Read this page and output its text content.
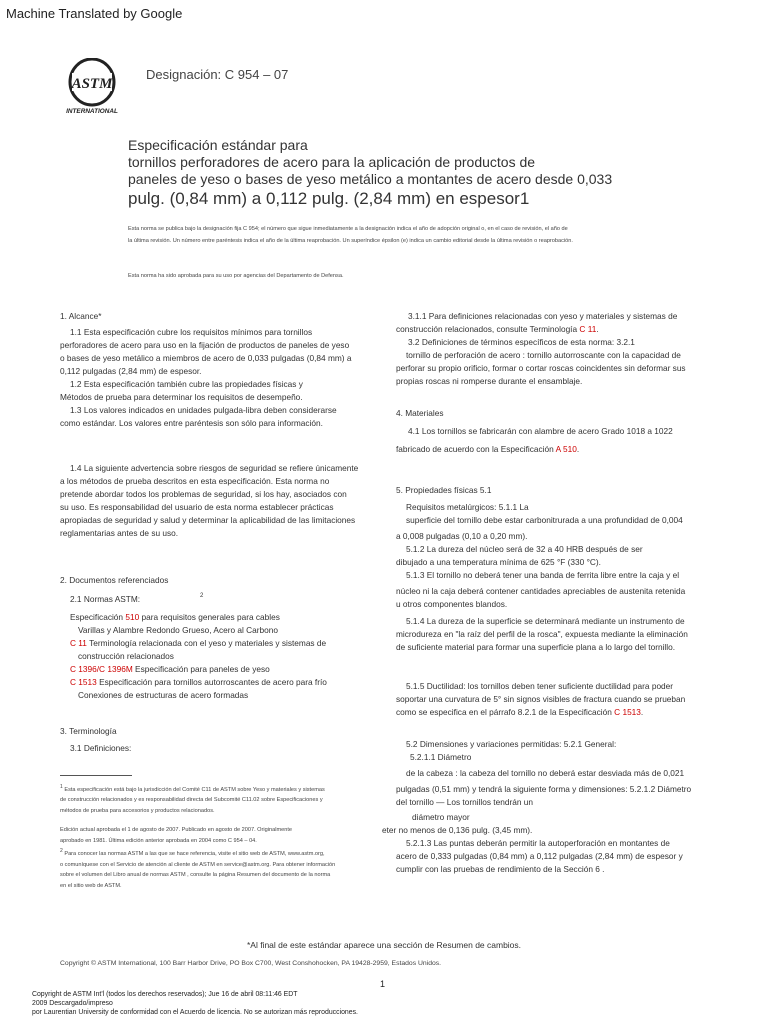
Machine Translated by Google
ASTM
INTERNATIONAL
Designación: C 954 – 07
Especificación estándar para
tornillos perforadores de acero para la aplicación de productos de
paneles de yeso o bases de yeso metálico a montantes de acero desde 0,033
pulg. (0,84 mm) a 0,112 pulg. (2,84 mm) en espesor1
Esta norma se publica bajo la designación fija C 954; el número que sigue inmediatamente a la designación indica el año de adopción original o, en el caso de revisión, el año de
la última revisión. Un número entre paréntesis indica el año de la última reaprobación. Un superíndice épsilon (e) indica un cambio editorial desde la última revisión o reaprobación.
Esta norma ha sido aprobada para su uso por agencias del Departamento de Defensa.
1. Alcance*

1.1 Esta especificación cubre los requisitos mínimos para tornillos

perforadores de acero para uso en la fijación de productos de paneles de yeso

o bases de yeso metálico a miembros de acero de 0,033 pulgadas (0,84 mm) a

0,112 pulgadas (2,84 mm) de espesor.

1.2 Esta especificación también cubre las propiedades físicas y

Métodos de prueba para determinar los requisitos de desempeño.

1.3 Los valores indicados en unidades pulgada-libra deben considerarse

como estándar. Los valores entre paréntesis son sólo para información.

1.4 La siguiente advertencia sobre riesgos de seguridad se refiere únicamente

a los métodos de prueba descritos en esta especificación. Esta norma no

pretende abordar todos los problemas de seguridad, si los hay, asociados con

su uso. Es responsabilidad del usuario de esta norma establecer prácticas

apropiadas de seguridad y salud y determinar la aplicabilidad de las limitaciones

reglamentarias antes de su uso.

2. Documentos referenciados
2.1 Normas ASTM:	2

Especificación 510 para requisitos generales para cables

Varillas y Alambre Redondo Grueso, Acero al Carbono

C 11 Terminología relacionada con el yeso y materiales y sistemas de

construcción relacionados

C 1396/C 1396M Especificación para paneles de yeso

C 1513 Especificación para tornillos autorroscantes de acero para frío

Conexiones de estructuras de acero formadas

3. Terminología
3.1 Definiciones:

$^1$ Esta especificación está bajo la jurisdicción del Comité C11 de ASTM sobre Yeso y materiales y sistemas

de construcción relacionados y es responsabilidad directa del Subcomité C11.02 sobre Especificaciones y

métodos de prueba para accesorios y productos relacionados.

Edición actual aprobada el 1 de agosto de 2007. Publicado en agosto de 2007. Originalmente

aprobado en 1981. Última edición anterior aprobada en 2004 como C 954 – 04.

$^2$ Para conocer las normas ASTM a las que se hace referencia, visite el sitio web de ASTM, www.astm.org,

o comuníquese con el Servicio de atención al cliente de ASTM en service@astm.org. Para obtener información

sobre el volumen del Libro anual de normas ASTM , consulte la página Resumen del documento de la norma

en el sitio web de ASTM.

3.1.1 Para definiciones relacionadas con yeso y materiales y sistemas de

construcción relacionados, consulte Terminología C 11.

3.2 Definiciones de términos específicos de esta norma: 3.2.1

tornillo de perforación de acero : tornillo autorroscante con la capacidad de

perforar su propio orificio, formar o cortar roscas coincidentes sin deformar sus

propias roscas ni romperse durante el ensamblaje.

4. Materiales

4.1 Los tornillos se fabricarán con alambre de acero Grado 1018 a 1022

fabricado de acuerdo con la Especificación A 510.

5. Propiedades físicas 5.1

Requisitos metalúrgicos: 5.1.1 La

superficie del tornillo debe estar carbonitrurada a una profundidad de 0,004

a 0,008 pulgadas (0,10 a 0,20 mm).

5.1.2 La dureza del núcleo será de 32 a 40 HRB después de ser

dibujado a una temperatura mínima de 625 °F (330 °C).

5.1.3 El tornillo no deberá tener una banda de ferrita libre entre la caja y el

núcleo ni la caja deberá contener cantidades apreciables de austenita retenida

u otros componentes blandos.

5.1.4 La dureza de la superficie se determinará mediante un instrumento de

microdureza en "la raíz del perfil de la rosca", expuesta mediante la eliminación

de suficiente material para formar una superficie plana a lo largo del tornillo.

5.1.5 Ductilidad: los tornillos deben tener suficiente ductilidad para poder

soportar una curvatura de 5° sin signos visibles de fractura cuando se prueban

como se especifica en el párrafo 8.2.1 de la Especificación C 1513.

5.2 Dimensiones y variaciones permitidas: 5.2.1 General:

5.2.1.1 Diámetro

de la cabeza : la cabeza del tornillo no deberá estar desviada más de 0,021

pulgadas (0,51 mm) y tendrá la siguiente forma y dimensiones: 5.2.1.2 Diámetro

del tornillo — Los tornillos tendrán un

diámetro mayor

eter no menos de 0,136 pulg. (3,45 mm).

5.2.1.3 Las puntas deberán permitir la autoperforación en montantes de

acero de 0,333 pulgadas (0,84 mm) a 0,112 pulgadas (2,84 mm) de espesor y

cumplir con las pruebas de rendimiento de la Sección 6 .

*Al final de este estándar aparece una sección de Resumen de cambios.
Copyright © ASTM International, 100 Barr Harbor Drive, PO Box C700, West Conshohocken, PA 19428-2959, Estados Unidos.
1

Copyright de ASTM Int'l (todos los derechos reservados); Jue 16 de abril 08:11:46 EDT

2009 Descargado/impreso

por Laurentian University de conformidad con el Acuerdo de licencia. No se autorizan más reproducciones.
